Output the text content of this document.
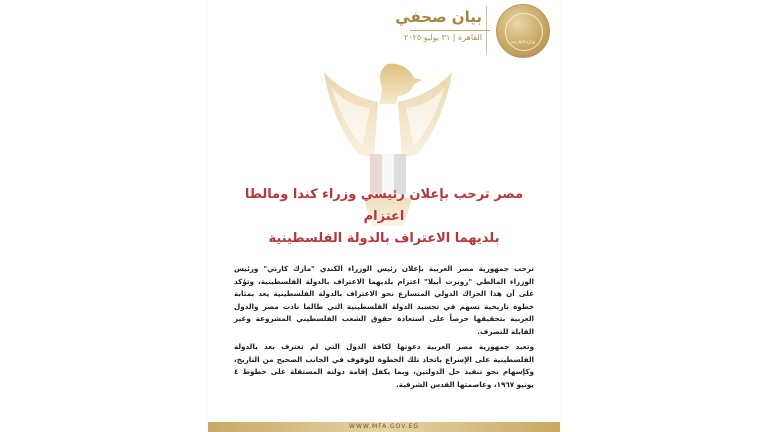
وزارة الخارجية
بيان صحفي
القاهرة | ٣١ يوليو ٢٠٢٥
مصر ترحب بإعلان رئيسي وزراء كندا ومالطا اعتزام
بلديهما الاعتراف بالدولة الفلسطينية
ترحب جمهورية مصر العربية بإعلان رئيس الوزراء الكندي "مارك كارني" ورئيس الوزراء المالطي "روبرت أبيلا" اعتزام بلديهما الاعتراف بالدولة الفلسطينية، وتؤكد على أن هذا الحراك الدولي المتسارع نحو الاعتراف بالدولة الفلسطينية يعد بمثابة خطوة تاريخية تسهم في تجسيد الدولة الفلسطينية التي طالما نادت مصر والدول العربية بتحقيقها حرصاً على استعادة حقوق الشعب الفلسطيني المشروعة وغير القابلة للتصرف.
وتعيد جمهورية مصر العربية دعوتها لكافة الدول التي لم تعترف بعد بالدولة الفلسطينية على الإسراع باتخاذ تلك الخطوة للوقوف في الجانب الصحيح من التاريخ، وكإسهام نحو تنفيذ حل الدولتين، وبما يكفل إقامة دولته المستقلة على خطوط ٤ يونيو ١٩٦٧، وعاصمتها القدس الشرقية.
WWW.MFA.GOV.EG
